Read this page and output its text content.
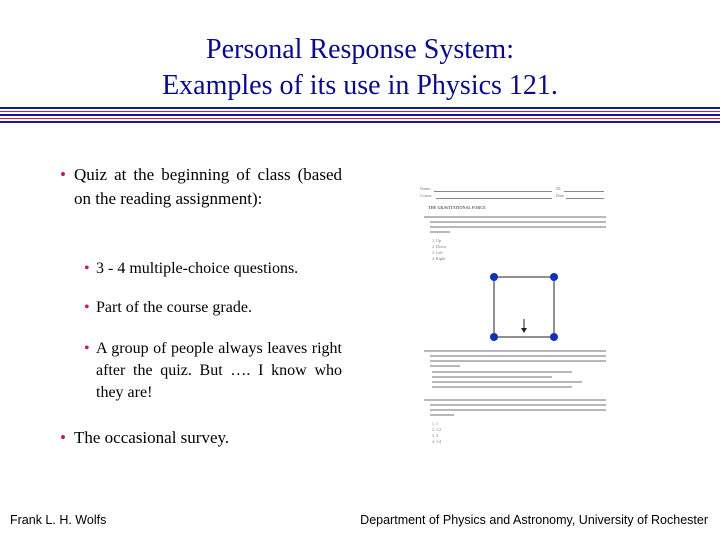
Personal Response System:
Examples of its use in Physics 121.
• Quiz at the beginning of class (based on the reading assignment):
• 3 - 4 multiple-choice questions.
• Part of the course grade.
• A group of people always leaves right after the quiz. But …. I know who they are!
• The occasional survey.
Name:	ID:
Course:	Date:
THE GRAVITATIONAL FORCE
1. Up
2. Down
3. Left
4. Right
1. 1
2. 1/2
3. 4
4. 1/4
Frank L. H. Wolfs	Department of Physics and Astronomy, University of Rochester
